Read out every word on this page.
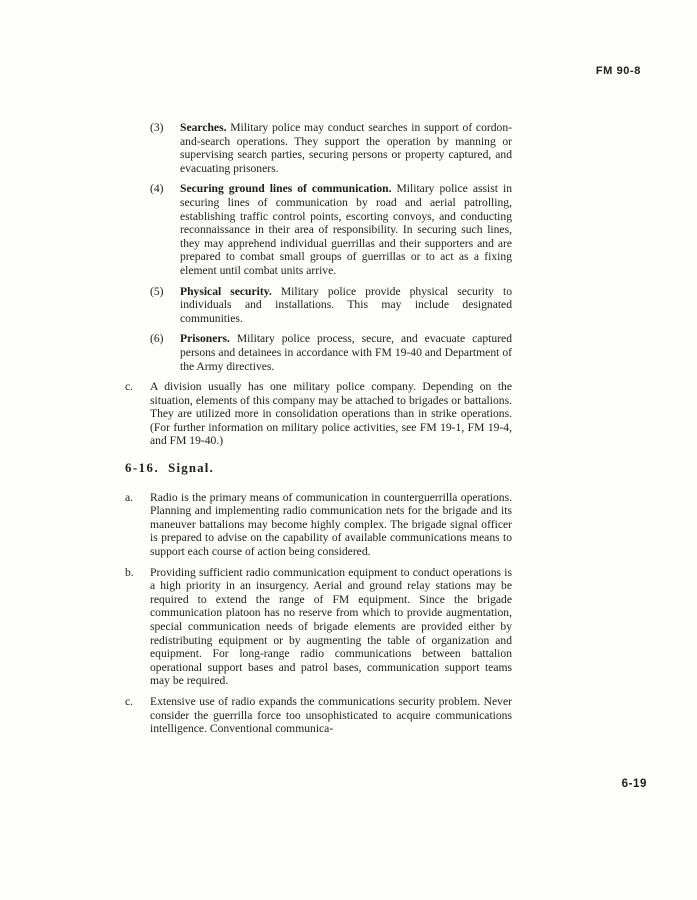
FM 90-8
(3)	Searches. Military police may conduct searches in support of cordon-and-search operations. They support the operation by manning or supervising search parties, securing persons or property captured, and evacuating prisoners.
(4)	Securing ground lines of communication. Military police assist in securing lines of communication by road and aerial patrolling, establishing traffic control points, escorting convoys, and conducting reconnaissance in their area of responsibility. In securing such lines, they may apprehend individual guerrillas and their supporters and are prepared to combat small groups of guerrillas or to act as a fixing element until combat units arrive.
(5)	Physical security. Military police provide physical security to individuals and installations. This may include designated communities.
(6)	Prisoners. Military police process, secure, and evacuate captured persons and detainees in accordance with FM 19-40 and Department of the Army directives.
c.	A division usually has one military police company. Depending on the situation, elements of this company may be attached to brigades or battalions. They are utilized more in consolidation operations than in strike operations. (For further information on military police activities, see FM 19-1, FM 19-4, and FM 19-40.)
6-16. Signal.
a.	Radio is the primary means of communication in counterguerrilla operations. Planning and implementing radio communication nets for the brigade and its maneuver battalions may become highly complex. The brigade signal officer is prepared to advise on the capability of available communications means to support each course of action being considered.
b.	Providing sufficient radio communication equipment to conduct operations is a high priority in an insurgency. Aerial and ground relay stations may be required to extend the range of FM equipment. Since the brigade communication platoon has no reserve from which to provide augmentation, special communication needs of brigade elements are provided either by redistributing equipment or by augmenting the table of organization and equipment. For long-range radio communications between battalion operational support bases and patrol bases, communication support teams may be required.
c.	Extensive use of radio expands the communications security problem. Never consider the guerrilla force too unsophisticated to acquire communications intelligence. Conventional communica-
6-19
